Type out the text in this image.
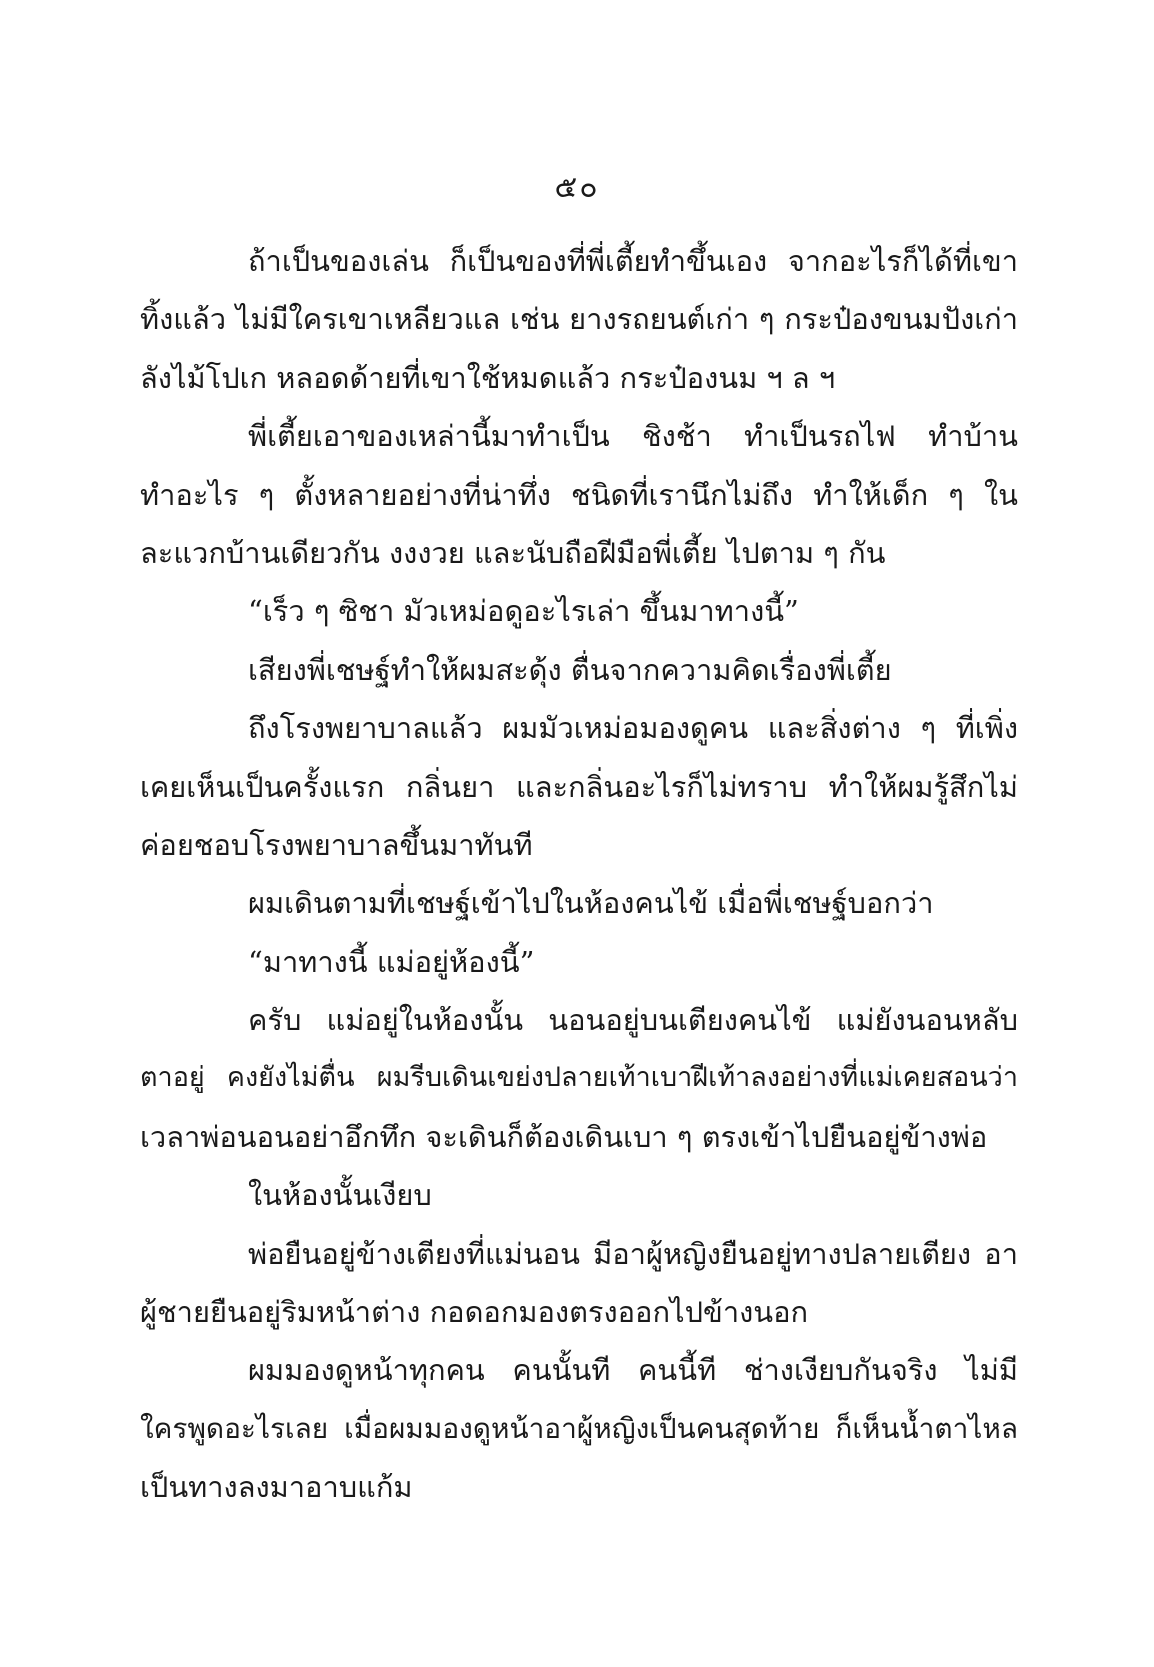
๕๐
ถ้าเป็นของเล่น ก็เป็นของที่พี่เตี้ยทำขึ้นเอง จากอะไรก็ได้ที่เขา
ทิ้งแล้ว ไม่มีใครเขาเหลียวแล เช่น ยางรถยนต์เก่า ๆ กระป๋องขนมปังเก่า
ลังไม้โปเก หลอดด้ายที่เขาใช้หมดแล้ว กระป๋องนม ฯ ล ฯ
พี่เตี้ยเอาของเหล่านี้มาทำเป็น ชิงช้า ทำเป็นรถไฟ ทำบ้าน
ทำอะไร ๆ ตั้งหลายอย่างที่น่าทึ่ง ชนิดที่เรานึกไม่ถึง ทำให้เด็ก ๆ ใน
ละแวกบ้านเดียวกัน งงงวย และนับถือฝีมือพี่เตี้ย ไปตาม ๆ กัน
“เร็ว ๆ ซิชา มัวเหม่อดูอะไรเล่า ขึ้นมาทางนี้”
เสียงพี่เชษฐ์ทำให้ผมสะดุ้ง ตื่นจากความคิดเรื่องพี่เตี้ย
ถึงโรงพยาบาลแล้ว ผมมัวเหม่อมองดูคน และสิ่งต่าง ๆ ที่เพิ่ง
เคยเห็นเป็นครั้งแรก กลิ่นยา และกลิ่นอะไรก็ไม่ทราบ ทำให้ผมรู้สึกไม่
ค่อยชอบโรงพยาบาลขึ้นมาทันที
ผมเดินตามที่เชษฐ์เข้าไปในห้องคนไข้ เมื่อพี่เชษฐ์บอกว่า
“มาทางนี้ แม่อยู่ห้องนี้”
ครับ แม่อยู่ในห้องนั้น นอนอยู่บนเตียงคนไข้ แม่ยังนอนหลับ
ตาอยู่ คงยังไม่ตื่น ผมรีบเดินเขย่งปลายเท้าเบาฝีเท้าลงอย่างที่แม่เคยสอนว่า
เวลาพ่อนอนอย่าอึกทึก จะเดินก็ต้องเดินเบา ๆ ตรงเข้าไปยืนอยู่ข้างพ่อ
ในห้องนั้นเงียบ
พ่อยืนอยู่ข้างเตียงที่แม่นอน มีอาผู้หญิงยืนอยู่ทางปลายเตียง อา
ผู้ชายยืนอยู่ริมหน้าต่าง กอดอกมองตรงออกไปข้างนอก
ผมมองดูหน้าทุกคน คนนั้นที คนนี้ที ช่างเงียบกันจริง ไม่มี
ใครพูดอะไรเลย เมื่อผมมองดูหน้าอาผู้หญิงเป็นคนสุดท้าย ก็เห็นน้ำตาไหล
เป็นทางลงมาอาบแก้ม
